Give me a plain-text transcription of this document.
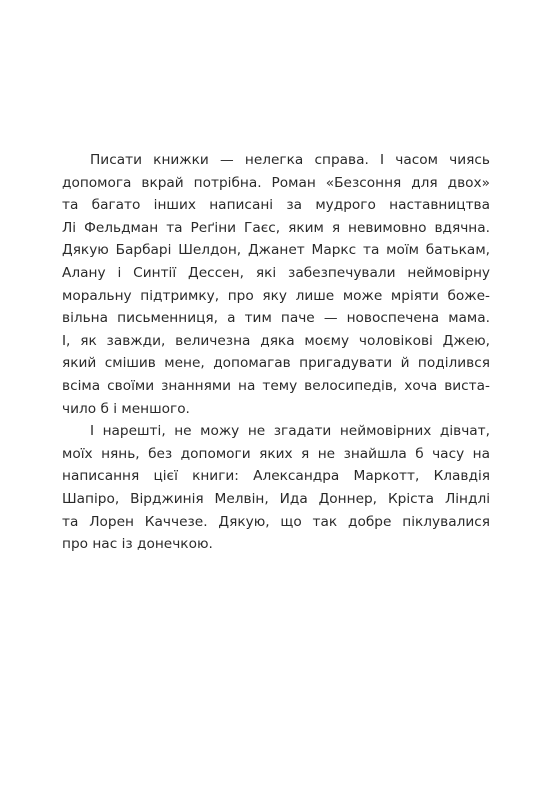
Писати книжки — нелегка справа. І часом чиясь
допомога вкрай потрібна. Роман «Безсоння для двох»
та багато інших написані за мудрого наставництва
Лі Фельдман та Реґіни Гаєс, яким я невимовно вдячна.
Дякую Барбарі Шелдон, Джанет Маркс та моїм батькам,
Алану і Синтії Дессен, які забезпечували неймовірну
моральну підтримку, про яку лише може мріяти боже-
вільна письменниця, а тим паче — новоспечена мама.
І, як завжди, величезна дяка моєму чоловікові Джею,
який смішив мене, допомагав пригадувати й поділився
всіма своїми знаннями на тему велосипедів, хоча вистa-
чило б і меншого.
І нарешті, не можу не згадати неймовірних дівчат,
моїх нянь, без допомоги яких я не знайшла б часу на
написання цієї книги: Александра Маркотт, Клавдія
Шапіро, Вірджинія Мелвін, Ида Доннер, Кріста Ліндлі
та Лорен Каччезе. Дякую, що так добре піклувалися
про нас із донечкою.
